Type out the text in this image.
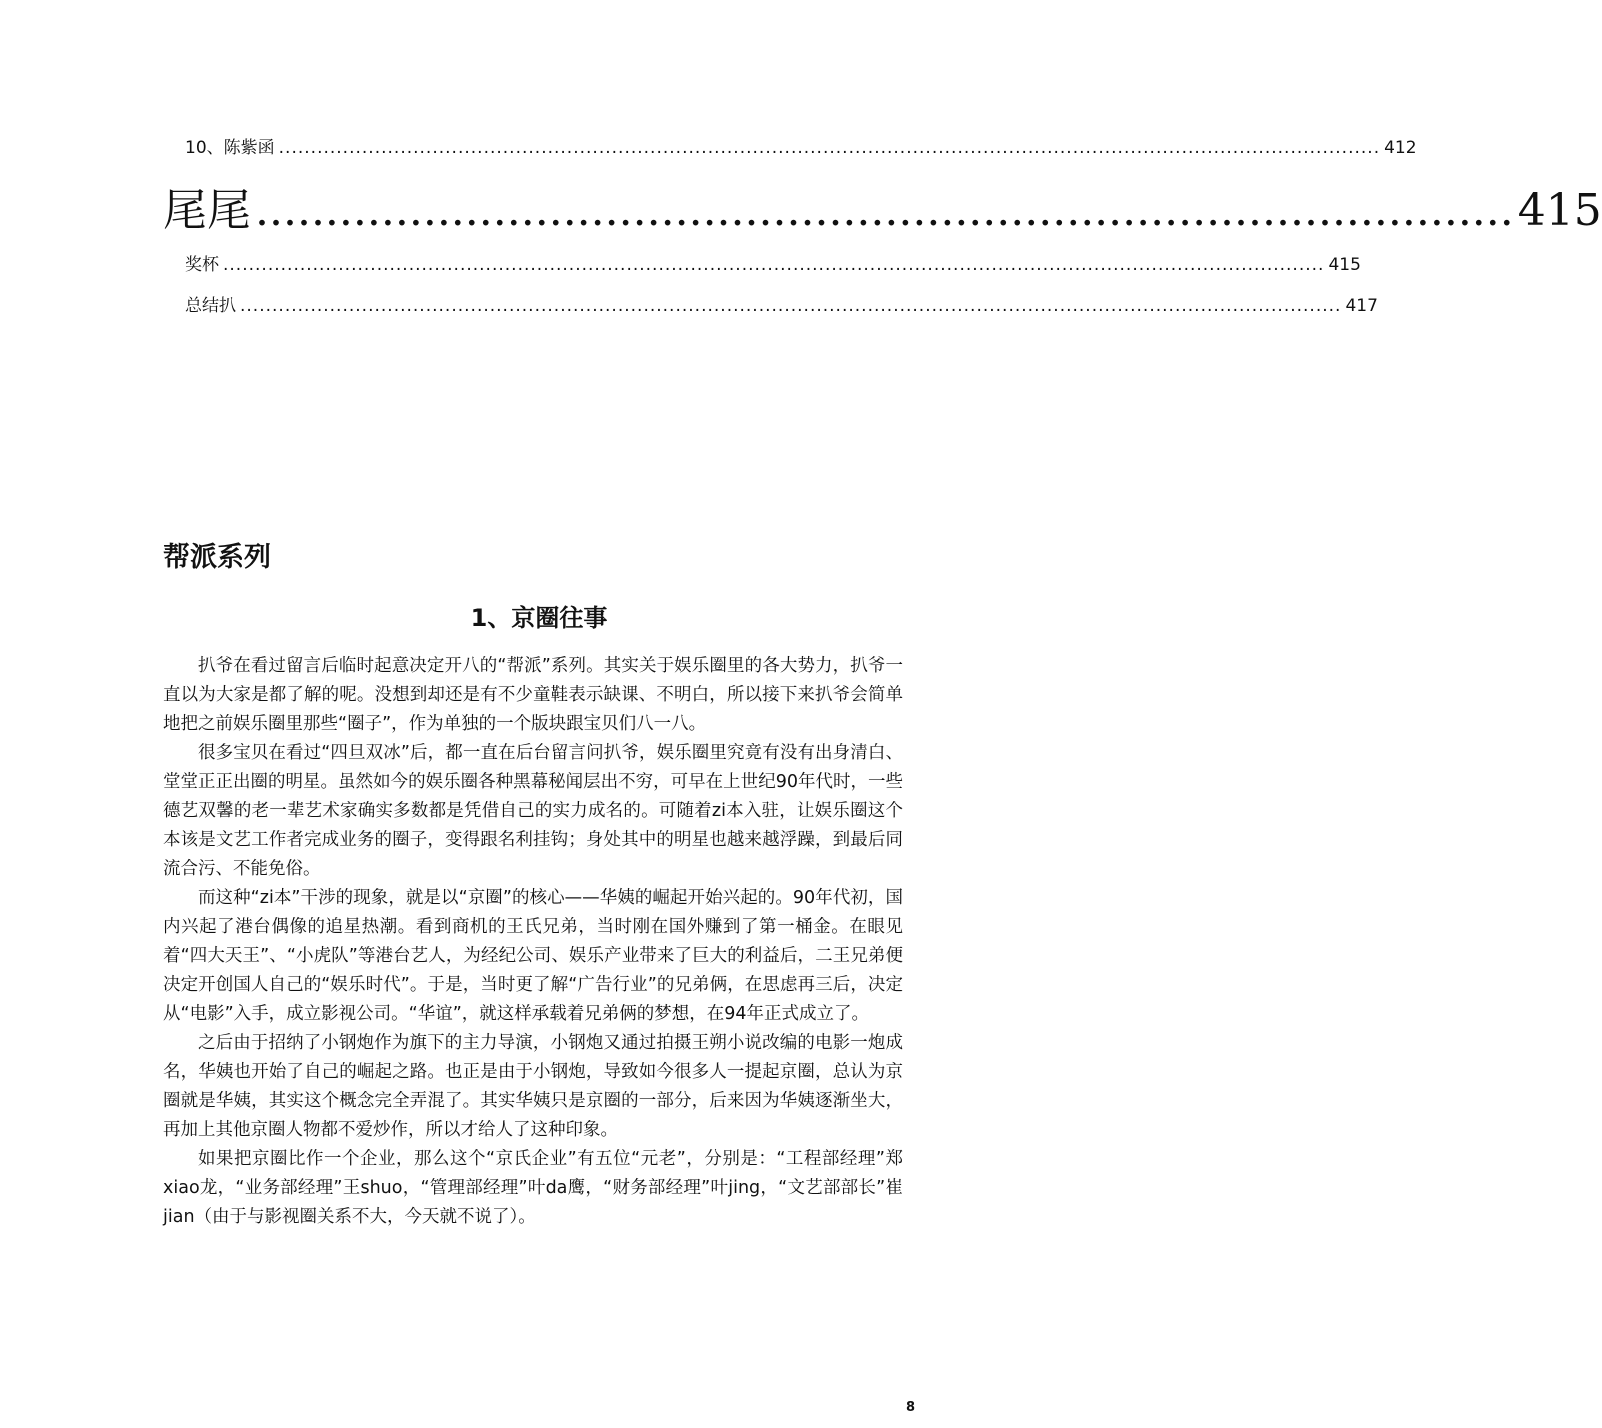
10、陈紫函 ............................................................................................................................................................................ 412
尾尾 .......................................................................................... 415
奖杯 ............................................................................................................................................................................ 415
总结扒 ............................................................................................................................................................................ 417
帮派系列
1、京圈往事

扒爷在看过留言后临时起意决定开八的“帮派”系列。其实关于娱乐圈里的各大势力，扒爷一直以为大家是都了解的呢。没想到却还是有不少童鞋表示缺课、不明白，所以接下来扒爷会简单地把之前娱乐圈里那些“圈子”，作为单独的一个版块跟宝贝们八一八。

很多宝贝在看过“四旦双冰”后，都一直在后台留言问扒爷，娱乐圈里究竟有没有出身清白、堂堂正正出圈的明星。虽然如今的娱乐圈各种黑幕秘闻层出不穷，可早在上世纪90年代时，一些德艺双馨的老一辈艺术家确实多数都是凭借自己的实力成名的。可随着zi本入驻，让娱乐圈这个本该是文艺工作者完成业务的圈子，变得跟名利挂钩；身处其中的明星也越来越浮躁，到最后同流合污、不能免俗。

而这种“zi本”干涉的现象，就是以“京圈”的核心——华姨的崛起开始兴起的。90年代初，国内兴起了港台偶像的追星热潮。看到商机的王氏兄弟，当时刚在国外赚到了第一桶金。在眼见着“四大天王”、“小虎队”等港台艺人，为经纪公司、娱乐产业带来了巨大的利益后，二王兄弟便决定开创国人自己的“娱乐时代”。于是，当时更了解“广告行业”的兄弟俩，在思虑再三后，决定从“电影”入手，成立影视公司。“华谊”，就这样承载着兄弟俩的梦想，在94年正式成立了。

之后由于招纳了小钢炮作为旗下的主力导演，小钢炮又通过拍摄王朔小说改编的电影一炮成名，华姨也开始了自己的崛起之路。也正是由于小钢炮，导致如今很多人一提起京圈，总认为京圈就是华姨，其实这个概念完全弄混了。其实华姨只是京圈的一部分，后来因为华姨逐渐坐大，再加上其他京圈人物都不爱炒作，所以才给人了这种印象。

如果把京圈比作一个企业，那么这个“京氏企业”有五位“元老”，分别是：“工程部经理”郑xiao龙，“业务部经理”王shuo，“管理部经理”叶da鹰，“财务部经理”叶jing，“文艺部部长”崔jian（由于与影视圈关系不大，今天就不说了）。

8
